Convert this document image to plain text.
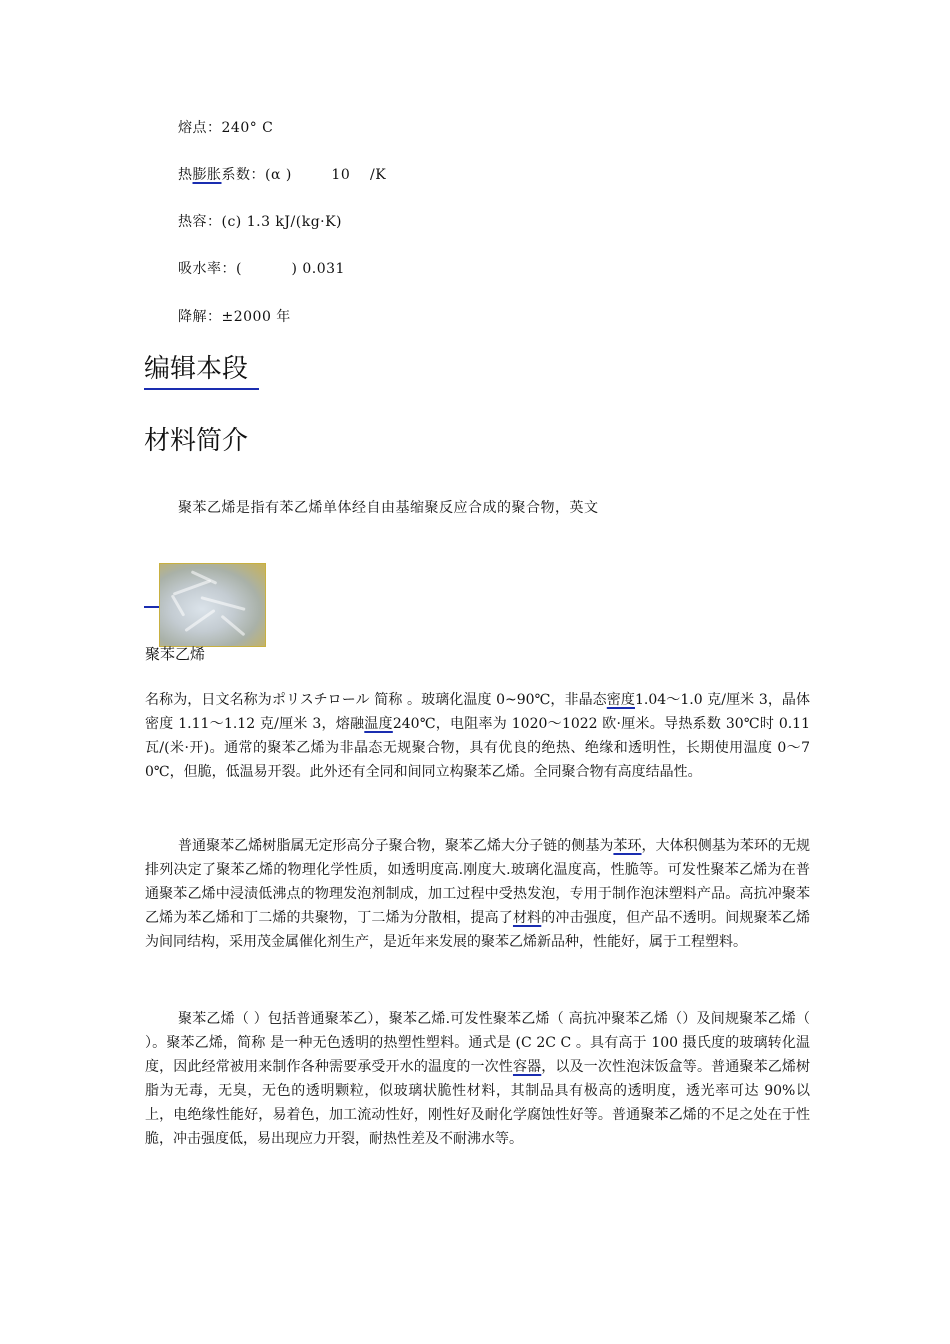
熔点：240° C
热膨胀系数：(α )        10    /K
热容：(c) 1.3 kJ/(kg·K)
吸水率：(          ) 0.031
降解：±2000 年
编辑本段
材料简介
聚苯乙烯是指有苯乙烯单体经自由基缩聚反应合成的聚合物，英文
聚苯乙烯
名称为，日文名称为ポリスチロール 简称 。玻璃化温度 0~90℃，非晶态密度1.04～1.0 克/厘米 3，晶体密度 1.11～1.12 克/厘米 3，熔融温度240℃，电阻率为 1020～1022 欧·厘米。导热系数 30℃时 0.11 瓦/(米·开)。通常的聚苯乙烯为非晶态无规聚合物，具有优良的绝热、绝缘和透明性，长期使用温度 0～70℃，但脆，低温易开裂。此外还有全同和间同立构聚苯乙烯。全同聚合物有高度结晶性。
普通聚苯乙烯树脂属无定形高分子聚合物，聚苯乙烯大分子链的侧基为苯环，大体积侧基为苯环的无规排列决定了聚苯乙烯的物理化学性质，如透明度高.刚度大.玻璃化温度高，性脆等。可发性聚苯乙烯为在普通聚苯乙烯中浸渍低沸点的物理发泡剂制成，加工过程中受热发泡，专用于制作泡沫塑料产品。高抗冲聚苯乙烯为苯乙烯和丁二烯的共聚物，丁二烯为分散相，提高了材料的冲击强度，但产品不透明。间规聚苯乙烯为间同结构，采用茂金属催化剂生产，是近年来发展的聚苯乙烯新品种，性能好，属于工程塑料。
聚苯乙烯（ ）包括普通聚苯乙），聚苯乙烯.可发性聚苯乙烯（ 高抗冲聚苯乙烯（）及间规聚苯乙烯（ ）。聚苯乙烯，简称 是一种无色透明的热塑性塑料。通式是 (C 2C C 。具有高于 100 摄氏度的玻璃转化温度，因此经常被用来制作各种需要承受开水的温度的一次性容器，以及一次性泡沫饭盒等。普通聚苯乙烯树脂为无毒，无臭，无色的透明颗粒，似玻璃状脆性材料，其制品具有极高的透明度，透光率可达 90%以上，电绝缘性能好，易着色，加工流动性好，刚性好及耐化学腐蚀性好等。普通聚苯乙烯的不足之处在于性脆，冲击强度低，易出现应力开裂，耐热性差及不耐沸水等。
